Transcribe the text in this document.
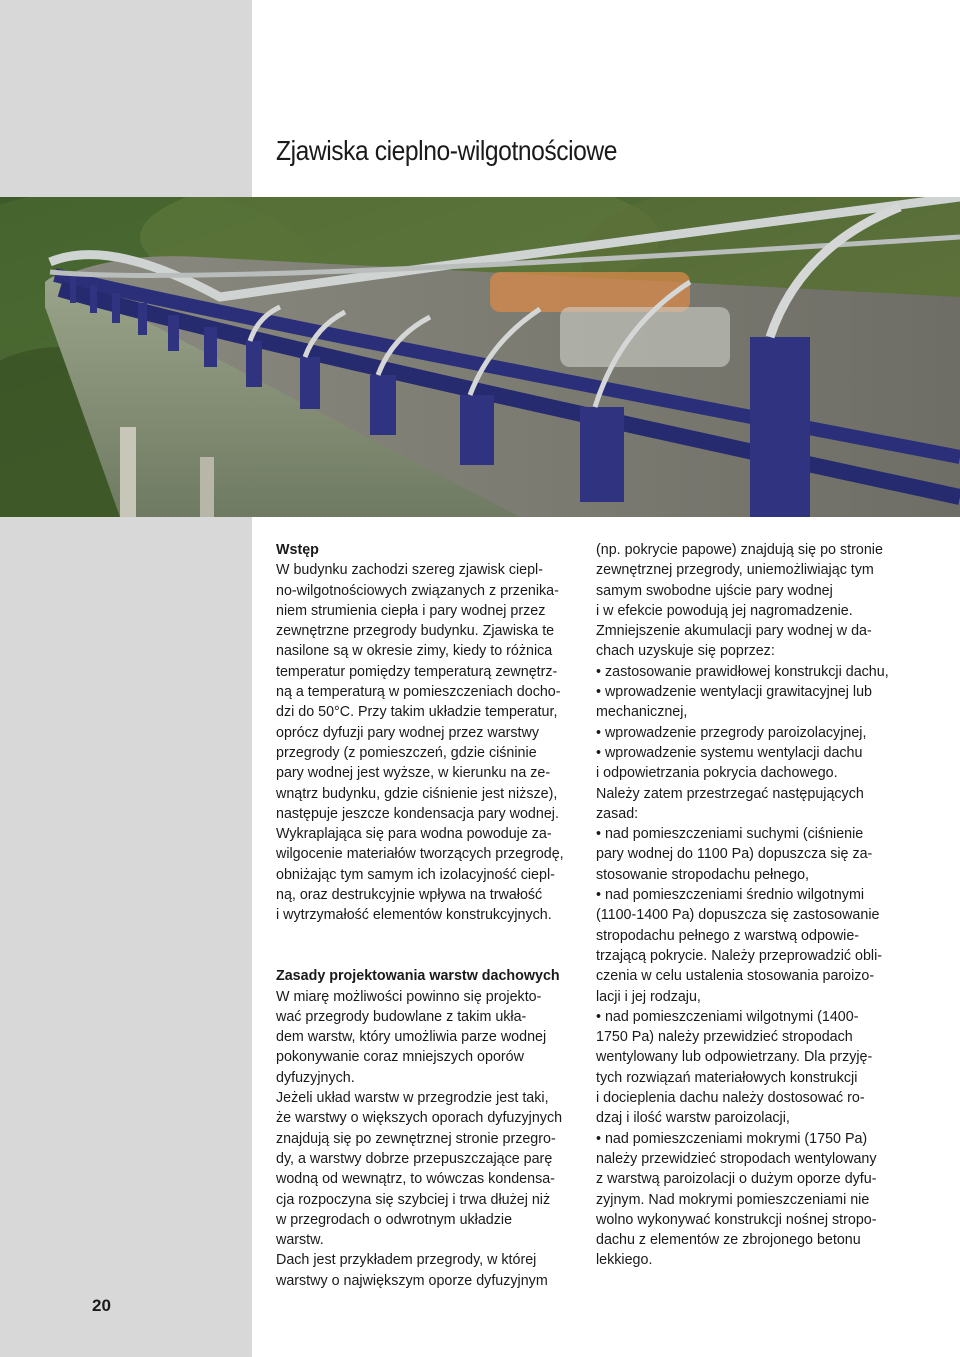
Zjawiska cieplno-wilgotnościowe
Wstęp
W budynku zachodzi szereg zjawisk ciepl-
no-wilgotnościowych związanych z przenika-
niem strumienia ciepła i pary wodnej przez
zewnętrzne przegrody budynku. Zjawiska te
nasilone są w okresie zimy, kiedy to różnica
temperatur pomiędzy temperaturą zewnętrz-
ną a temperaturą w pomieszczeniach docho-
dzi do 50°C. Przy takim układzie temperatur,
oprócz dyfuzji pary wodnej przez warstwy
przegrody (z pomieszczeń, gdzie ciśninie
pary wodnej jest wyższe, w kierunku na ze-
wnątrz budynku, gdzie ciśnienie jest niższe),
następuje jeszcze kondensacja pary wodnej.
Wykraplająca się para wodna powoduje za-
wilgocenie materiałów tworzących przegrodę,
obniżając tym samym ich izolacyjność ciepl-
ną, oraz destrukcyjnie wpływa na trwałość
i wytrzymałość elementów konstrukcyjnych.
Zasady projektowania warstw dachowych
W miarę możliwości powinno się projekto-
wać przegrody budowlane z takim ukła-
dem warstw, który umożliwia parze wodnej
pokonywanie coraz mniejszych oporów
dyfuzyjnych.
Jeżeli układ warstw w przegrodzie jest taki,
że warstwy o większych oporach dyfuzyjnych
znajdują się po zewnętrznej stronie przegro-
dy, a warstwy dobrze przepuszczające parę
wodną od wewnątrz, to wówczas kondensa-
cja rozpoczyna się szybciej i trwa dłużej niż
w przegrodach o odwrotnym układzie
warstw.
Dach jest przykładem przegrody, w której
warstwy o największym oporze dyfuzyjnym
(np. pokrycie papowe) znajdują się po stronie
zewnętrznej przegrody, uniemożliwiając tym
samym swobodne ujście pary wodnej
i w efekcie powodują jej nagromadzenie.
Zmniejszenie akumulacji pary wodnej w da-
chach uzyskuje się poprzez:
• zastosowanie prawidłowej konstrukcji dachu,
• wprowadzenie wentylacji grawitacyjnej lub
mechanicznej,
• wprowadzenie przegrody paroizolacyjnej,
• wprowadzenie systemu wentylacji dachu
i odpowietrzania pokrycia dachowego.
Należy zatem przestrzegać następujących
zasad:
• nad pomieszczeniami suchymi (ciśnienie
pary wodnej do 1100 Pa) dopuszcza się za-
stosowanie stropodachu pełnego,
• nad pomieszczeniami średnio wilgotnymi
(1100-1400 Pa) dopuszcza się zastosowanie
stropodachu pełnego z warstwą odpowie-
trzającą pokrycie. Należy przeprowadzić obli-
czenia w celu ustalenia stosowania paroizo-
lacji i jej rodzaju,
• nad pomieszczeniami wilgotnymi (1400-
1750 Pa) należy przewidzieć stropodach
wentylowany lub odpowietrzany. Dla przyję-
tych rozwiązań materiałowych konstrukcji
i docieplenia dachu należy dostosować ro-
dzaj i ilość warstw paroizolacji,
• nad pomieszczeniami mokrymi (1750 Pa)
należy przewidzieć stropodach wentylowany
z warstwą paroizolacji o dużym oporze dyfu-
zyjnym. Nad mokrymi pomieszczeniami nie
wolno wykonywać konstrukcji nośnej stropo-
dachu z elementów ze zbrojonego betonu
lekkiego.
20
